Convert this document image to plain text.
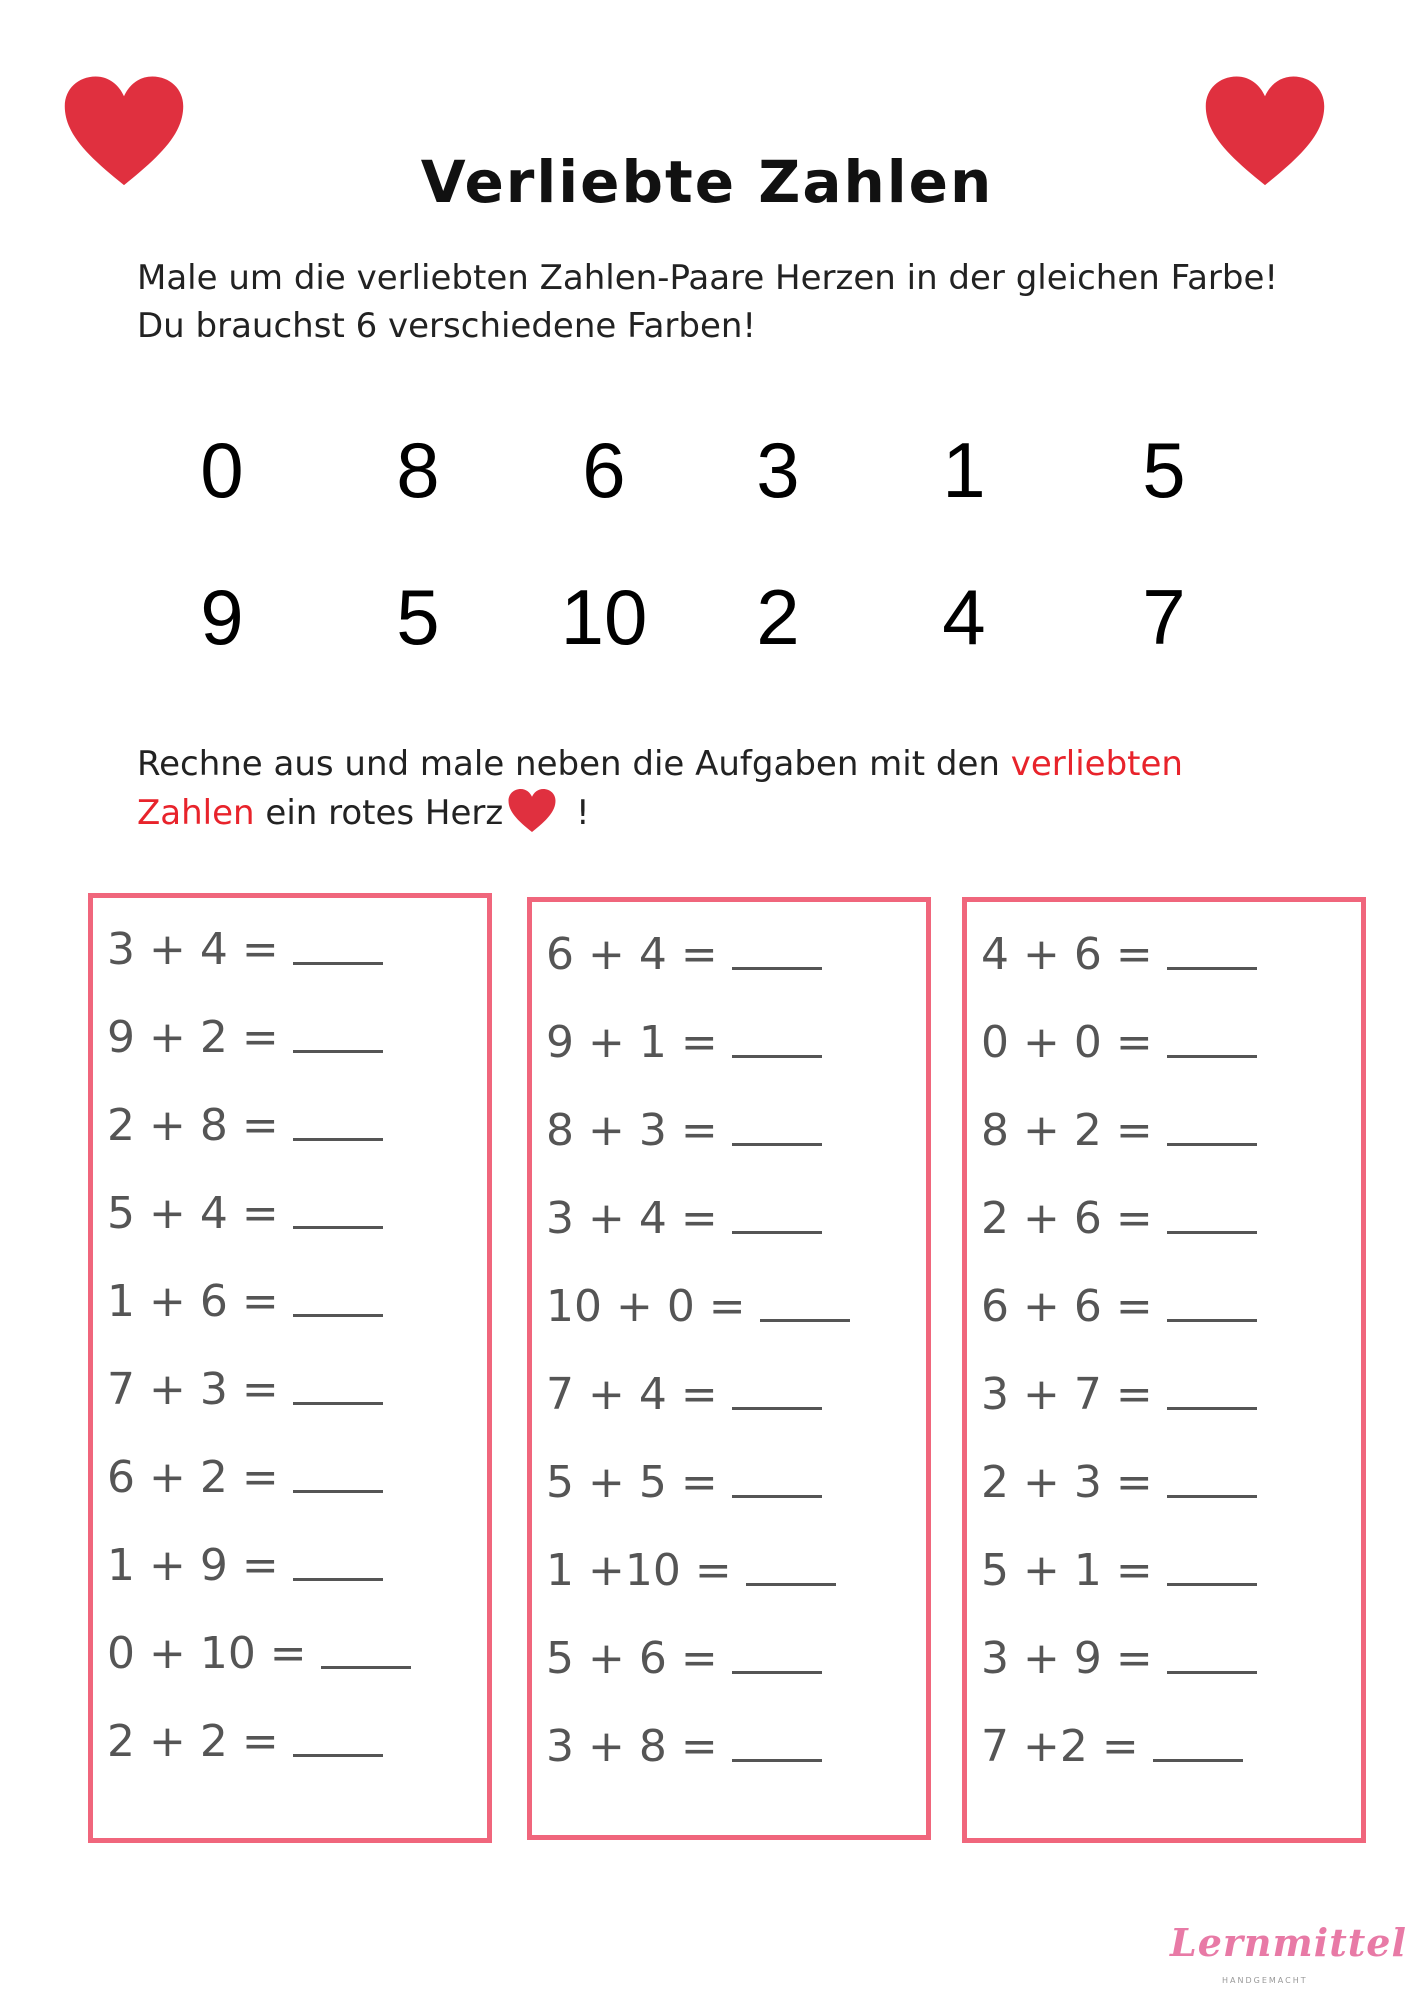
Verliebte Zahlen
Male um die verliebten Zahlen-Paare Herzen in der gleichen Farbe! Du brauchst 6 verschiedene Farben!
0	8	6	3	1	5
9	5	10	2	4	7
Rechne aus und male neben die Aufgaben mit den verliebten Zahlen ein rotes Herz !
3 + 4 =
9 + 2 =
2 + 8 =
5 + 4 =
1 + 6 =
7 + 3 =
6 + 2 =
1 + 9 =
0 + 10 =
2 + 2 =
6 + 4 =
9 + 1 =
8 + 3 =
3 + 4 =
10 + 0 =
7 + 4 =
5 + 5 =
1 +10 =
5 + 6 =
3 + 8 =
4 + 6 =
0 + 0 =
8 + 2 =
2 + 6 =
6 + 6 =
3 + 7 =
2 + 3 =
5 + 1 =
3 + 9 =
7 +2 =
Lernmittel
HANDGEMACHT
